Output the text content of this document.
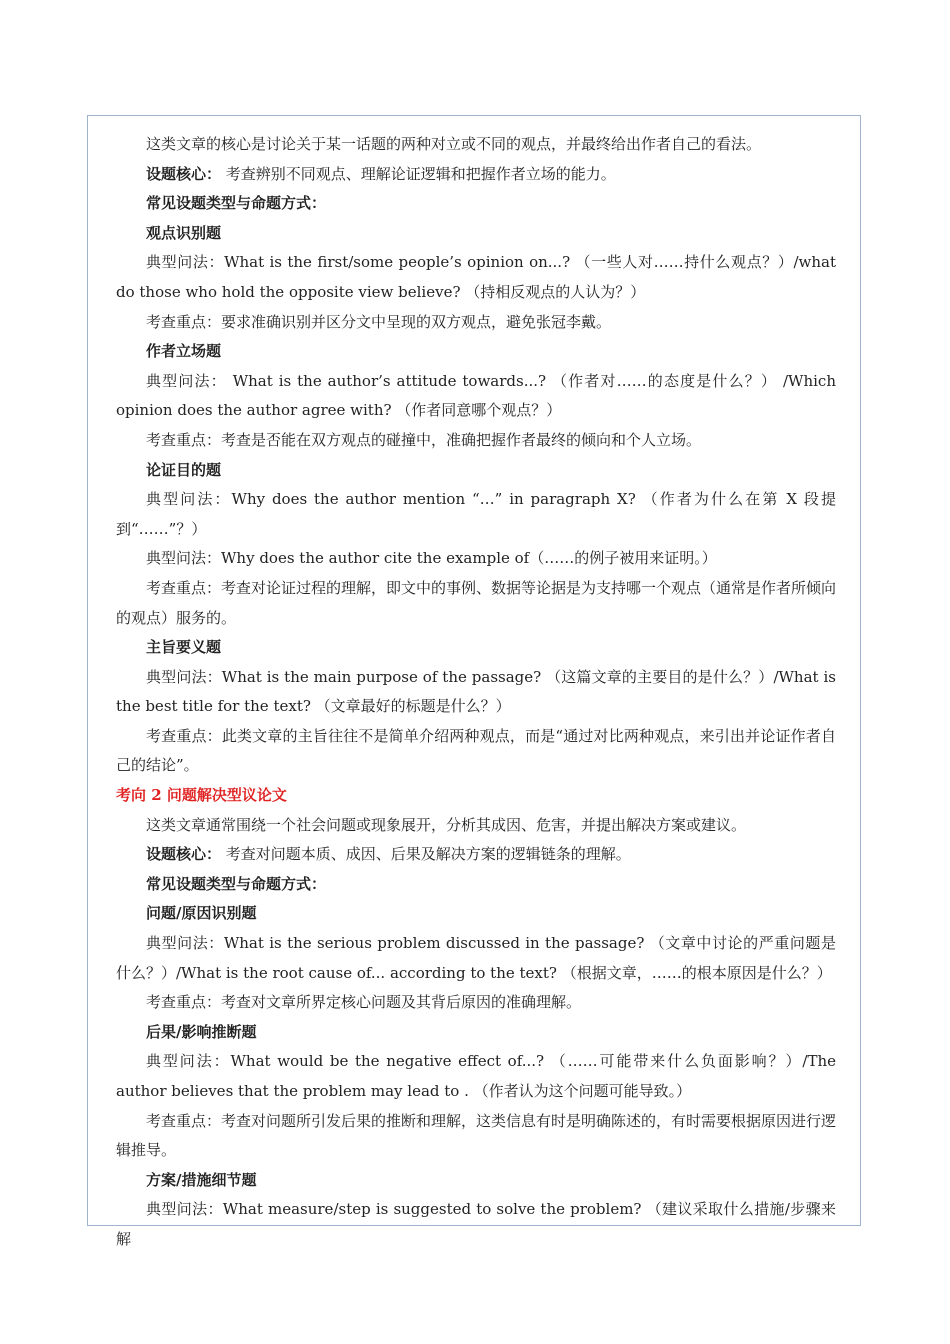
这类文章的核心是讨论关于某一话题的两种对立或不同的观点，并最终给出作者自己的看法。

设题核心： 考查辨别不同观点、理解论证逻辑和把握作者立场的能力。

常见设题类型与命题方式：

观点识别题

典型问法：What is the first/some people’s opinion on...? （一些人对……持什么观点？）/what do those who hold the opposite view believe? （持相反观点的人认为？）

考查重点：要求准确识别并区分文中呈现的双方观点，避免张冠李戴。

作者立场题

典型问法： What is the author’s attitude towards...? （作者对……的态度是什么？） /Which opinion does the author agree with? （作者同意哪个观点？）

考查重点：考查是否能在双方观点的碰撞中，准确把握作者最终的倾向和个人立场。

论证目的题

典型问法：Why does the author mention “…” in paragraph X? （作者为什么在第 X 段提到“……”？）

典型问法：Why does the author cite the example of（……的例子被用来证明。）

考查重点：考查对论证过程的理解，即文中的事例、数据等论据是为支持哪一个观点（通常是作者所倾向的观点）服务的。

主旨要义题

典型问法：What is the main purpose of the passage? （这篇文章的主要目的是什么？）/What is the best title for the text? （文章最好的标题是什么？）

考查重点：此类文章的主旨往往不是简单介绍两种观点，而是“通过对比两种观点，来引出并论证作者自己的结论”。

考向 2 问题解决型议论文

这类文章通常围绕一个社会问题或现象展开，分析其成因、危害，并提出解决方案或建议。

设题核心： 考查对问题本质、成因、后果及解决方案的逻辑链条的理解。

常见设题类型与命题方式：

问题/原因识别题

典型问法：What is the serious problem discussed in the passage? （文章中讨论的严重问题是什么？）/What is the root cause of... according to the text? （根据文章，……的根本原因是什么？）

考查重点：考查对文章所界定核心问题及其背后原因的准确理解。

后果/影响推断题

典型问法：What would be the negative effect of...? （……可能带来什么负面影响？）/The author believes that the problem may lead to . （作者认为这个问题可能导致。）

考查重点：考查对问题所引发后果的推断和理解，这类信息有时是明确陈述的，有时需要根据原因进行逻辑推导。

方案/措施细节题

典型问法：What measure/step is suggested to solve the problem? （建议采取什么措施/步骤来解
